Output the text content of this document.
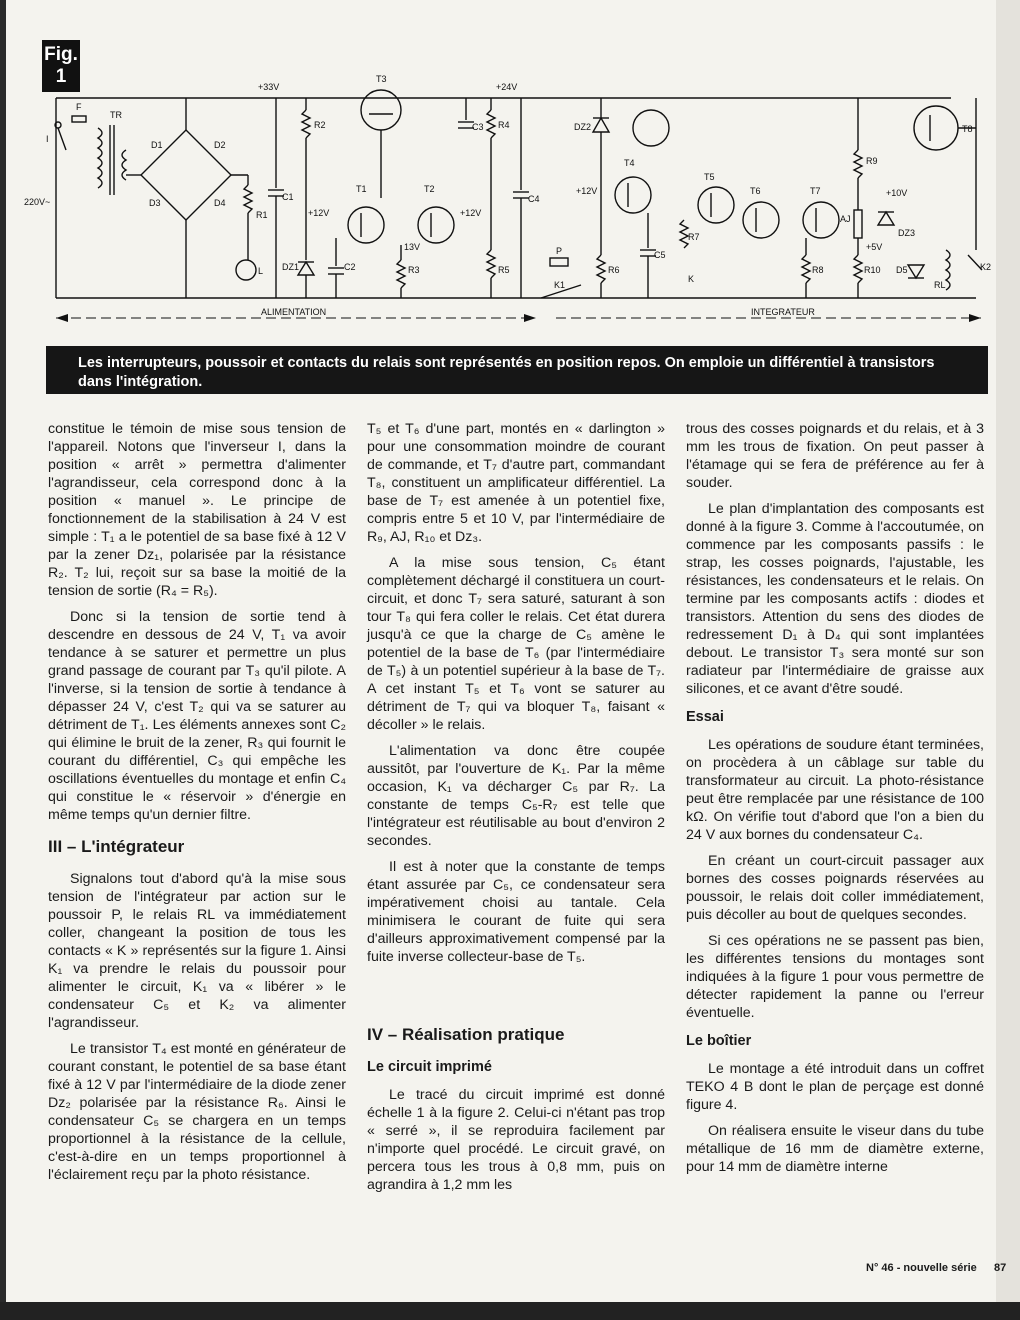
Fig.
1	+33V
T3
+24V
F
I
TR
D1	D2
D3	D4
R2	C3 R4
C1
+12V
T1	T2
+12V
C4
13V
220V~
R1
L DZ1	C2	R3	R5
DZ2
T4
+12V
C5
P
K1
R6
T5
R7
K
T6	T7
R9
+10V
AJ
DZ3
+5V
R8	R10 D5
RL
K2
T8
ALIMENTATION	INTEGRATEUR
Les interrupteurs, poussoir et contacts du relais sont représentés en position repos. On emploie un différentiel à transistors dans l'intégration.

constitue le témoin de mise sous tension de l'appareil. Notons que l'inverseur I, dans la position « arrêt » permettra d'alimenter l'agrandisseur, cela correspond donc à la position « manuel ». Le principe de fonctionnement de la stabilisation à 24 V est simple : T₁ a le potentiel de sa base fixé à 12 V par la zener Dz₁, polarisée par la résistance R₂. T₂ lui, reçoit sur sa base la moitié de la tension de sortie (R₄ = R₅).

Donc si la tension de sortie tend à descendre en dessous de 24 V, T₁ va avoir tendance à se saturer et permettre un plus grand passage de courant par T₃ qu'il pilote. A l'inverse, si la tension de sortie à tendance à dépasser 24 V, c'est T₂ qui va se saturer au détriment de T₁. Les éléments annexes sont C₂ qui élimine le bruit de la zener, R₃ qui fournit le courant du différentiel, C₃ qui empêche les oscillations éventuelles du montage et enfin C₄ qui constitue le « réservoir » d'énergie en même temps qu'un dernier filtre.

III – L'intégrateur

Signalons tout d'abord qu'à la mise sous tension de l'intégrateur par action sur le poussoir P, le relais RL va immédiatement coller, changeant la position de tous les contacts « K » représentés sur la figure 1. Ainsi K₁ va prendre le relais du poussoir pour alimenter le circuit, K₁ va « libérer » le condensateur C₅ et K₂ va alimenter l'agrandisseur.

Le transistor T₄ est monté en générateur de courant constant, le potentiel de sa base étant fixé à 12 V par l'intermédiaire de la diode zener Dz₂ polarisée par la résistance R₆. Ainsi le condensateur C₅ se chargera en un temps proportionnel à la résistance de la cellule, c'est-à-dire en un temps proportionnel à l'éclairement reçu par la photo résistance.

T₅ et T₆ d'une part, montés en « darlington » pour une consommation moindre de courant de commande, et T₇ d'autre part, commandant T₈, constituent un amplificateur différentiel. La base de T₇ est amenée à un potentiel fixe, compris entre 5 et 10 V, par l'intermédiaire de R₉, AJ, R₁₀ et Dz₃.

A la mise sous tension, C₅ étant complètement déchargé il constituera un court-circuit, et donc T₇ sera saturé, saturant à son tour T₈ qui fera coller le relais. Cet état durera jusqu'à ce que la charge de C₅ amène le potentiel de la base de T₆ (par l'intermédiaire de T₅) à un potentiel supérieur à la base de T₇. A cet instant T₅ et T₆ vont se saturer au détriment de T₇ qui va bloquer T₈, faisant « décoller » le relais.

L'alimentation va donc être coupée aussitôt, par l'ouverture de K₁. Par la même occasion, K₁ va décharger C₅ par R₇. La constante de temps C₅-R₇ est telle que l'intégrateur est réutilisable au bout d'environ 2 secondes.

Il est à noter que la constante de temps étant assurée par C₅, ce condensateur sera impérativement choisi au tantale. Cela minimisera le courant de fuite qui sera d'ailleurs approximativement compensé par la fuite inverse collecteur-base de T₅.

IV – Réalisation pratique
Le circuit imprimé

Le tracé du circuit imprimé est donné échelle 1 à la figure 2. Celui-ci n'étant pas trop « serré », il se reproduira facilement par n'importe quel procédé. Le circuit gravé, on percera tous les trous à 0,8 mm, puis on agrandira à 1,2 mm les

trous des cosses poignards et du relais, et à 3 mm les trous de fixation. On peut passer à l'étamage qui se fera de préférence au fer à souder.

Le plan d'implantation des composants est donné à la figure 3. Comme à l'accoutumée, on commence par les composants passifs : le strap, les cosses poignards, l'ajustable, les résistances, les condensateurs et le relais. On termine par les composants actifs : diodes et transistors. Attention du sens des diodes de redressement D₁ à D₄ qui sont implantées debout. Le transistor T₃ sera monté sur son radiateur par l'intermédiaire de graisse aux silicones, et ce avant d'être soudé.

Essai

Les opérations de soudure étant terminées, on procèdera à un câblage sur table du transformateur au circuit. La photo-résistance peut être remplacée par une résistance de 100 kΩ. On vérifie tout d'abord que l'on a bien du 24 V aux bornes du condensateur C₄.

En créant un court-circuit passager aux bornes des cosses poignards réservées au poussoir, le relais doit coller immédiatement, puis décoller au bout de quelques secondes.

Si ces opérations ne se passent pas bien, les différentes tensions du montages sont indiquées à la figure 1 pour vous permettre de détecter rapidement la panne ou l'erreur éventuelle.

Le boîtier

Le montage a été introduit dans un coffret TEKO 4 B dont le plan de perçage est donné figure 4.

On réalisera ensuite le viseur dans du tube métallique de 16 mm de diamètre externe, pour 14 mm de diamètre interne

N° 46 - nouvelle série 87
